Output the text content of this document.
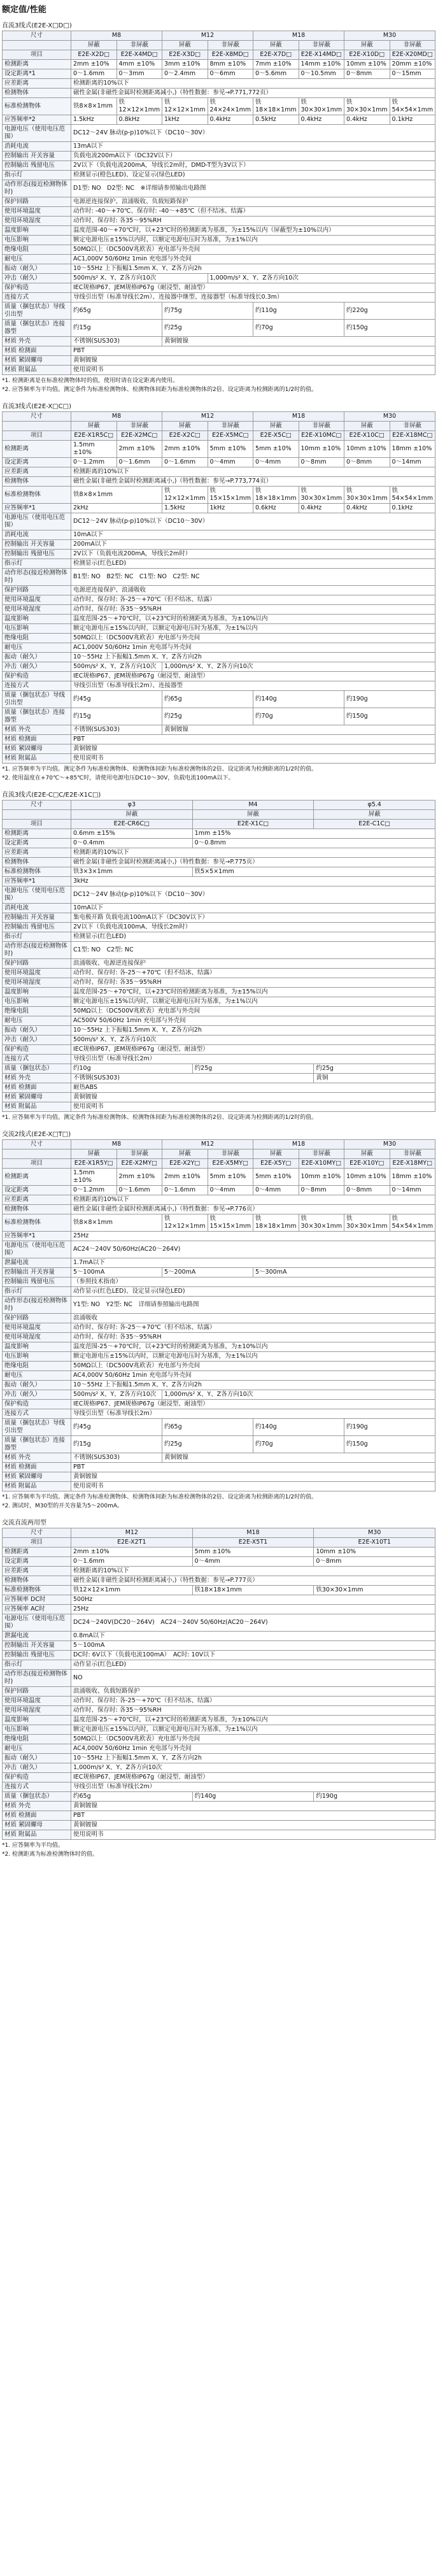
额定值/性能
直流3线式(E2E-X□D□)
尺寸	M8		M12		M18		M30	
	屏蔽	非屏蔽	屏蔽	非屏蔽	屏蔽	非屏蔽	屏蔽	非屏蔽
项目	E2E-X2D□	E2E-X4MD□	E2E-X3D□	E2E-X8MD□	E2E-X7D□	E2E-X14MD□	E2E-X10D□	E2E-X20MD□
检测距离	2mm ±10%	4mm ±10%	3mm ±10%	8mm ±10%	7mm ±10%	14mm ±10%	10mm ±10%	20mm ±10%
设定距离*1	0～1.6mm	0～3mm	0～2.4mm	0～6mm	0～5.6mm	0～10.5mm	0～8mm	0～15mm
应差距离	检测距离的10%以下							
检测物体	磁性金属(非磁性金属时检测距离减小,)（特性数据：参见→P.771,772页）							
标准检测物体	铁8×8×1mm	铁12×12×1mm	铁12×12×1mm	铁24×24×1mm	铁18×18×1mm	铁30×30×1mm	铁30×30×1mm	铁54×54×1mm
应答频率*2	1.5kHz	0.8kHz	1kHz	0.4kHz	0.5kHz	0.4kHz	0.4kHz	0.1kHz
电源电压（使用电压范围）	DC12～24V 脉动(p-p)10%以下（DC10～30V）							
消耗电流	13mA以下							
控制输出 开关容量	负载电流200mA以下（DC32V以下）							
控制输出 残留电压	2V以下（负载电流200mA，导线长2m时，DMD-T型为3V以下）							
指示灯	检测显示(橙色LED)、设定显示(绿色LED)							
动作形态(接近检测物体时)	D1型: NO　D2型: NC　※详细请参照输出电路图							
保护回路	电源逆连接保护、浪涌吸收、负载短路保护							
使用环境温度	动作时: -40～+70℃、保存时: -40～+85℃（但不结冰、结露）							
使用环境湿度	动作时、保存时: 各35～95%RH							
温度影响	温度范围-40～+70℃时，以+23℃时的检测距离为基准，为±15%以内（屏蔽型为±10%以内）							
电压影响	额定电源电压±15%以内时，以额定电源电压时为基准，为±1%以内							
绝缘电阻	50MΩ以上（DC500V兆欧表）充电部与外壳间							
耐电压	AC1,000V 50/60Hz 1min 充电部与外壳间							
振动（耐久）	10～55Hz 上下振幅1.5mm X、Y、Z各方向2h							
冲击（耐久）	500m/s² X、Y、Z各方向10次			1,000m/s² X、Y、Z各方向10次				
保护构造	IEC规格IP67、JEM规格IP67g（耐浸型、耐油型）							
连接方式	导线引出型（标准导线长2m）、连接器中继型、连接器型（标准导线长0.3m）							
质量（捆包状态）导线引出型	约65g		约75g		约110g		约220g	
质量（捆包状态）连接器型	约15g		约25g		约70g		约150g	
材质 外壳	不锈钢(SUS303)		黄铜镀镍					
材质 检测面	PBT							
材质 紧固螺母	黄铜镀镍							
材质 附属品	使用说明书							
*1. 检测距离是在标准检测物体时的值，使用时请在设定距离内使用。
*2. 应答频率为平均值。测定条件为标准检测物体、检测物体间距为标准检测物体的2倍、设定距离为检测距离的1/2时的值。
直流3线式(E2E-X□C□)
尺寸	M8		M12		M18		M30	
	屏蔽	非屏蔽	屏蔽	非屏蔽	屏蔽	非屏蔽	屏蔽	非屏蔽
项目	E2E-X1R5C□	E2E-X2MC□	E2E-X2C□	E2E-X5MC□	E2E-X5C□	E2E-X10MC□	E2E-X10C□	E2E-X18MC□
检测距离	1.5mm ±10%	2mm ±10%	2mm ±10%	5mm ±10%	5mm ±10%	10mm ±10%	10mm ±10%	18mm ±10%
设定距离	0～1.2mm	0～1.6mm	0～1.6mm	0～4mm	0～4mm	0～8mm	0～8mm	0～14mm
应差距离	检测距离的10%以下							
检测物体	磁性金属(非磁性金属时检测距离减小,)（特性数据：参见→P.773,774页）							
标准检测物体	铁8×8×1mm		铁12×12×1mm	铁15×15×1mm	铁18×18×1mm	铁30×30×1mm	铁30×30×1mm	铁54×54×1mm
应答频率*1	2kHz		1.5kHz	1kHz	0.6kHz	0.4kHz	0.4kHz	0.1kHz
电源电压（使用电压范围）	DC12～24V 脉动(p-p)10%以下（DC10～30V）							
消耗电流	10mA以下							
控制输出 开关容量	200mA以下							
控制输出 残留电压	2V以下（负载电流200mA，导线长2m时）							
指示灯	检测显示(红色LED)							
动作形态(接近检测物体时)	B1型: NO　B2型: NC　C1型: NO　C2型: NC							
保护回路	电源逆连接保护、浪涌吸收							
使用环境温度	动作时、保存时: 各-25～+70℃（但不结冰、结露）							
使用环境湿度	动作时、保存时: 各35～95%RH							
温度影响	温度范围-25～+70℃时，以+23℃时的检测距离为基准，为±10%以内							
电压影响	额定电源电压±15%以内时，以额定电源电压时为基准，为±1%以内							
绝缘电阻	50MΩ以上（DC500V兆欧表）充电部与外壳间							
耐电压	AC1,000V 50/60Hz 1min 充电部与外壳间							
振动（耐久）	10～55Hz 上下振幅1.5mm X、Y、Z各方向2h							
冲击（耐久）	500m/s² X、Y、Z各方向10次		1,000m/s² X、Y、Z各方向10次					
保护构造	IEC规格IP67、JEM规格IP67g（耐浸型、耐油型）							
连接方式	导线引出型（标准导线长2m）、连接器型							
质量（捆包状态）导线引出型	约45g		约65g		约140g		约190g	
质量（捆包状态）连接器型	约15g		约25g		约70g		约150g	
材质 外壳	不锈钢(SUS303)		黄铜镀镍					
材质 检测面	PBT							
材质 紧固螺母	黄铜镀镍							
材质 附属品	使用说明书							
*1. 应答频率为平均值。测定条件为标准检测物体、检测物体间距为标准检测物体的2倍、设定距离为检测距离的1/2时的值。
*2. 使用温度在+70℃～+85℃时，请使用电源电压DC10～30V，负载电流100mA以下。
直流3线式(E2E-C□C/E2E-X1C□)
尺寸	φ3	M4	φ5.4
	屏蔽	屏蔽	屏蔽
项目	E2E-CR6C□	E2E-X1C□	E2E-C1C□
检测距离	0.6mm ±15%	1mm ±15%	
设定距离	0～0.4mm	0～0.8mm	
应差距离	检测距离的10%以下		
检测物体	磁性金属(非磁性金属时检测距离减小,)（特性数据：参见→P.775页）		
标准检测物体	铁3×3×1mm	铁5×5×1mm	
应答频率*1	3kHz		
电源电压（使用电压范围）	DC12～24V 脉动(p-p)10%以下（DC10～30V）		
消耗电流	10mA以下		
控制输出 开关容量	集电极开路 负载电流100mA以下（DC30V以下）		
控制输出 残留电压	2V以下（负载电流100mA、导线长2m时）		
指示灯	检测显示(红色LED)		
动作形态(接近检测物体时)	C1型: NO　C2型: NC		
保护回路	浪涌吸收、电源逆连接保护		
使用环境温度	动作时、保存时: 各-25～+70℃（但不结冰、结露）		
使用环境湿度	动作时、保存时: 各35～95%RH		
温度影响	温度范围-25～+70℃时，以+23℃时的检测距离为基准，为±15%以内		
电压影响	额定电源电压±15%以内时，以额定电源电压时为基准，为±1%以内		
绝缘电阻	50MΩ以上（DC500V兆欧表）充电部与外壳间		
耐电压	AC500V 50/60Hz 1min 充电部与外壳间		
振动（耐久）	10～55Hz 上下振幅1.5mm X、Y、Z各方向2h		
冲击（耐久）	500m/s² X、Y、Z各方向10次		
保护构造	IEC规格IP67、JEM规格IP67g（耐浸型、耐油型）		
连接方式	导线引出型（标准导线长2m）		
质量（捆包状态）	约10g	约25g	约25g
材质 外壳	不锈钢(SUS303)		黄铜
材质 检测面	耐热ABS		
材质 紧固螺母	黄铜镀镍		
材质 附属品	使用说明书		
*1. 应答频率为平均值。测定条件为标准检测物体、检测物体间距为标准检测物体的2倍、设定距离为检测距离的1/2时的值。
交流2线式(E2E-X□T□)
尺寸	M8		M12		M18		M30	
	屏蔽	非屏蔽	屏蔽	非屏蔽	屏蔽	非屏蔽	屏蔽	非屏蔽
项目	E2E-X1R5Y□	E2E-X2MY□	E2E-X2Y□	E2E-X5MY□	E2E-X5Y□	E2E-X10MY□	E2E-X10Y□	E2E-X18MY□
检测距离	1.5mm ±10%	2mm ±10%	2mm ±10%	5mm ±10%	5mm ±10%	10mm ±10%	10mm ±10%	18mm ±10%
设定距离	0～1.2mm	0～1.6mm	0～1.6mm	0～4mm	0～4mm	0～8mm	0～8mm	0～14mm
应差距离	检测距离的10%以下							
检测物体	磁性金属(非磁性金属时检测距离减小,)（特性数据：参见→P.776页）							
标准检测物体	铁8×8×1mm		铁12×12×1mm	铁15×15×1mm	铁18×18×1mm	铁30×30×1mm	铁30×30×1mm	铁54×54×1mm
应答频率*1	25Hz							
电源电压（使用电压范围）	AC24～240V 50/60Hz(AC20～264V)							
泄漏电流	1.7mA以下							
控制输出 开关容量	5～100mA		5～200mA		5～300mA			
控制输出 残留电压	（参照技术指南）							
指示灯	动作显示(红色LED)、设定显示(绿色LED)							
动作形态(接近检测物体时)	Y1型: NO　Y2型: NC　详细请参照输出电路图							
保护回路	浪涌吸收							
使用环境温度	动作时、保存时: 各-25～+70℃（但不结冰、结露）							
使用环境湿度	动作时、保存时: 各35～95%RH							
温度影响	温度范围-25～+70℃时，以+23℃时的检测距离为基准，为±10%以内							
电压影响	额定电源电压±15%以内时，以额定电源电压时为基准，为±1%以内							
绝缘电阻	50MΩ以上（DC500V兆欧表）充电部与外壳间							
耐电压	AC4,000V 50/60Hz 1min 充电部与外壳间							
振动（耐久）	10～55Hz 上下振幅1.5mm X、Y、Z各方向2h							
冲击（耐久）	500m/s² X、Y、Z各方向10次		1,000m/s² X、Y、Z各方向10次					
保护构造	IEC规格IP67、JEM规格IP67g（耐浸型、耐油型）							
连接方式	导线引出型（标准导线长2m）							
质量（捆包状态）导线引出型	约45g		约65g		约140g		约190g	
质量（捆包状态）连接器型	约15g		约25g		约70g		约150g	
材质 外壳	不锈钢(SUS303)		黄铜镀镍					
材质 检测面	PBT							
材质 紧固螺母	黄铜镀镍							
材质 附属品	使用说明书							
*1. 应答频率为平均值。测定条件为标准检测物体、检测物体间距为标准检测物体的2倍、设定距离为检测距离的1/2时的值。
*2. 测试时，M30型的开关容量为5～200mA。
交流直流两用型
尺寸	M12	M18	M30
项目	E2E-X2T1	E2E-X5T1	E2E-X10T1
检测距离	2mm ±10%	5mm ±10%	10mm ±10%
设定距离	0～1.6mm	0～4mm	0～8mm
应差距离	检测距离的10%以下		
检测物体	磁性金属(非磁性金属时检测距离减小,)（特性数据：参见→P.777页）		
标准检测物体	铁12×12×1mm	铁18×18×1mm	铁30×30×1mm
应答频率 DC时	500Hz		
应答频率 AC时	25Hz		
电源电压（使用电压范围）	DC24～240V(DC20～264V)　AC24～240V 50/60Hz(AC20～264V)		
泄漏电流	0.8mA以下		
控制输出 开关容量	5～100mA		
控制输出 残留电压	DC时: 6V以下（负载电流100mA）　AC时: 10V以下		
指示灯	动作显示(红色LED)		
动作形态(接近检测物体时)	NO		
保护回路	浪涌吸收、负载短路保护		
使用环境温度	动作时、保存时: 各-25～+70℃（但不结冰、结露）		
使用环境湿度	动作时、保存时: 各35～95%RH		
温度影响	温度范围-25～+70℃时，以+23℃时的检测距离为基准，为±10%以内		
电压影响	额定电源电压±15%以内时，以额定电源电压时为基准，为±1%以内		
绝缘电阻	50MΩ以上（DC500V兆欧表）充电部与外壳间		
耐电压	AC4,000V 50/60Hz 1min 充电部与外壳间		
振动（耐久）	10～55Hz 上下振幅1.5mm X、Y、Z各方向2h		
冲击（耐久）	1,000m/s² X、Y、Z各方向10次		
保护构造	IEC规格IP67、JEM规格IP67g（耐浸型、耐油型）		
连接方式	导线引出型（标准导线长2m）		
质量（捆包状态）	约65g	约140g	约190g
材质 外壳	黄铜镀镍		
材质 检测面	PBT		
材质 紧固螺母	黄铜镀镍		
材质 附属品	使用说明书		
*1. 应答频率为平均值。
*2. 检测距离为标准检测物体时的值。
